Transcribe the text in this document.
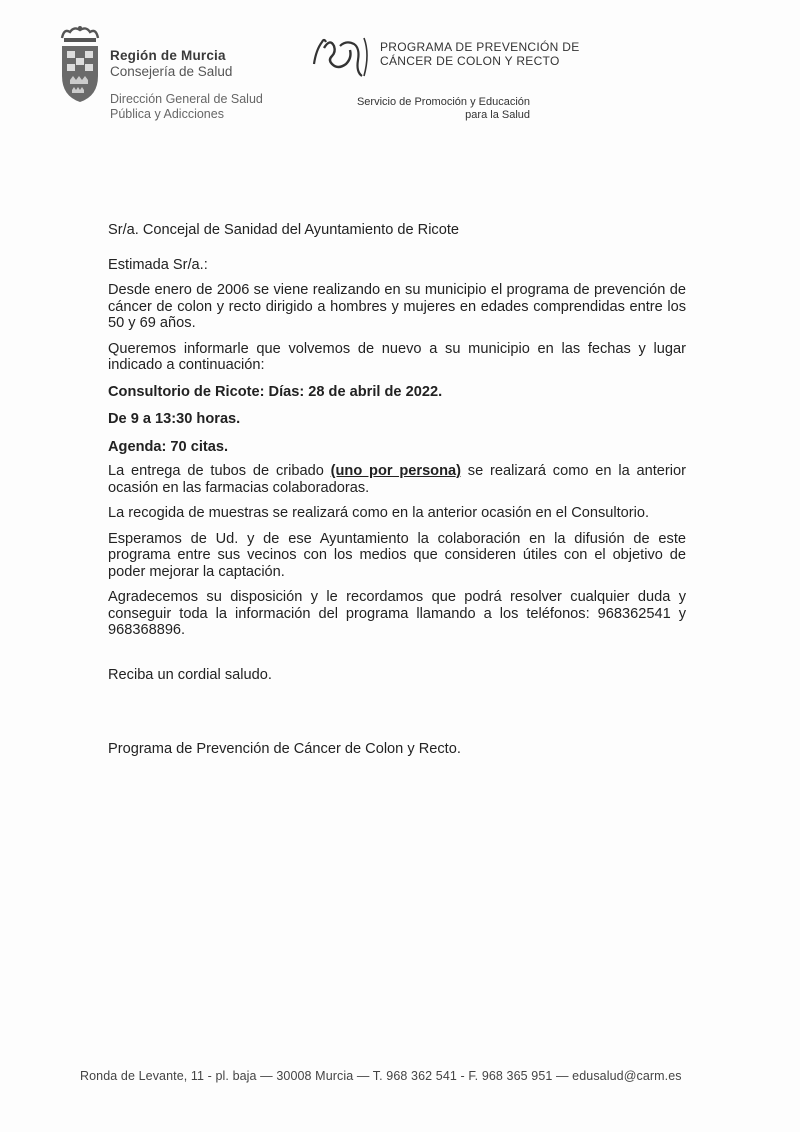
Región de Murcia
Consejería de Salud
Dirección General de Salud
Pública y Adicciones
PROGRAMA DE PREVENCIÓN DE
CÁNCER DE COLON Y RECTO
Servicio de Promoción y Educación
para la Salud

Sr/a. Concejal de Sanidad del Ayuntamiento de Ricote

Estimada Sr/a.:

Desde enero de 2006 se viene realizando en su municipio el programa de prevención de cáncer de colon y recto dirigido a hombres y mujeres en edades comprendidas entre los 50 y 69 años.

Queremos informarle que volvemos de nuevo a su municipio en las fechas y lugar indicado a continuación:

Consultorio de Ricote: Días: 28 de abril de 2022.

De 9 a 13:30 horas.

Agenda: 70 citas.

La entrega de tubos de cribado (uno por persona) se realizará como en la anterior ocasión en las farmacias colaboradoras.

La recogida de muestras se realizará como en la anterior ocasión en el Consultorio.

Esperamos de Ud. y de ese Ayuntamiento la colaboración en la difusión de este programa entre sus vecinos con los medios que consideren útiles con el objetivo de poder mejorar la captación.

Agradecemos su disposición y le recordamos que podrá resolver cualquier duda y conseguir toda la información del programa llamando a los teléfonos: 968362541 y 968368896.

Reciba un cordial saludo.

Programa de Prevención de Cáncer de Colon y Recto.

Ronda de Levante, 11 - pl. baja — 30008 Murcia — T. 968 362 541 - F. 968 365 951 — edusalud@carm.es
